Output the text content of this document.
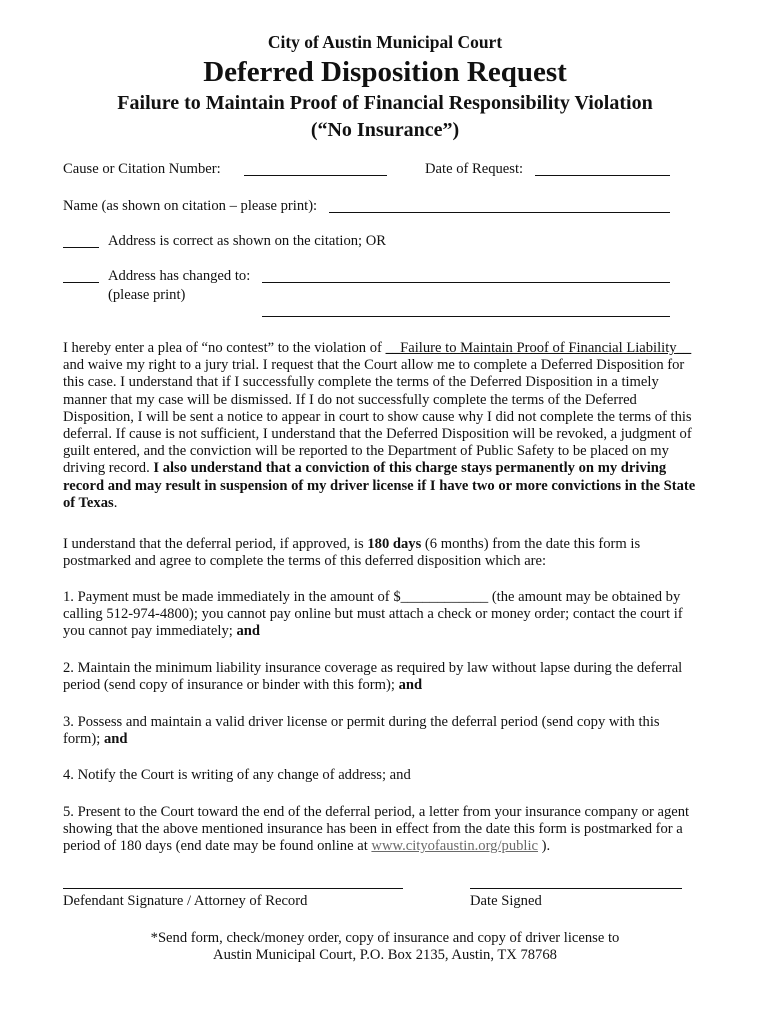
City of Austin Municipal Court
Deferred Disposition Request
Failure to Maintain Proof of Financial Responsibility Violation
(“No Insurance”)
Cause or Citation Number:	Date of Request:
Name (as shown on citation – please print):
Address is correct as shown on the citation; OR
Address has changed to:
(please print)

I hereby enter a plea of “no contest” to the violation of __Failure to Maintain Proof of Financial Liability__

and waive my right to a jury trial. I request that the Court allow me to complete a Deferred Disposition for

this case. I understand that if I successfully complete the terms of the Deferred Disposition in a timely

manner that my case will be dismissed. If I do not successfully complete the terms of the Deferred

Disposition, I will be sent a notice to appear in court to show cause why I did not complete the terms of this

deferral. If cause is not sufficient, I understand that the Deferred Disposition will be revoked, a judgment of

guilt entered, and the conviction will be reported to the Department of Public Safety to be placed on my

driving record. I also understand that a conviction of this charge stays permanently on my driving

record and may result in suspension of my driver license if I have two or more convictions in the State

of Texas.

I understand that the deferral period, if approved, is 180 days (6 months) from the date this form is

postmarked and agree to complete the terms of this deferred disposition which are:

1. Payment must be made immediately in the amount of $____________ (the amount may be obtained by

calling 512-974-4800); you cannot pay online but must attach a check or money order; contact the court if

you cannot pay immediately; and

2. Maintain the minimum liability insurance coverage as required by law without lapse during the deferral

period (send copy of insurance or binder with this form); and

3. Possess and maintain a valid driver license or permit during the deferral period (send copy with this

form); and

4. Notify the Court is writing of any change of address; and

5. Present to the Court toward the end of the deferral period, a letter from your insurance company or agent

showing that the above mentioned insurance has been in effect from the date this form is postmarked for a

period of 180 days (end date may be found online at www.cityofaustin.org/public ).

Defendant Signature / Attorney of Record	Date Signed
*Send form, check/money order, copy of insurance and copy of driver license to
Austin Municipal Court, P.O. Box 2135, Austin, TX 78768
